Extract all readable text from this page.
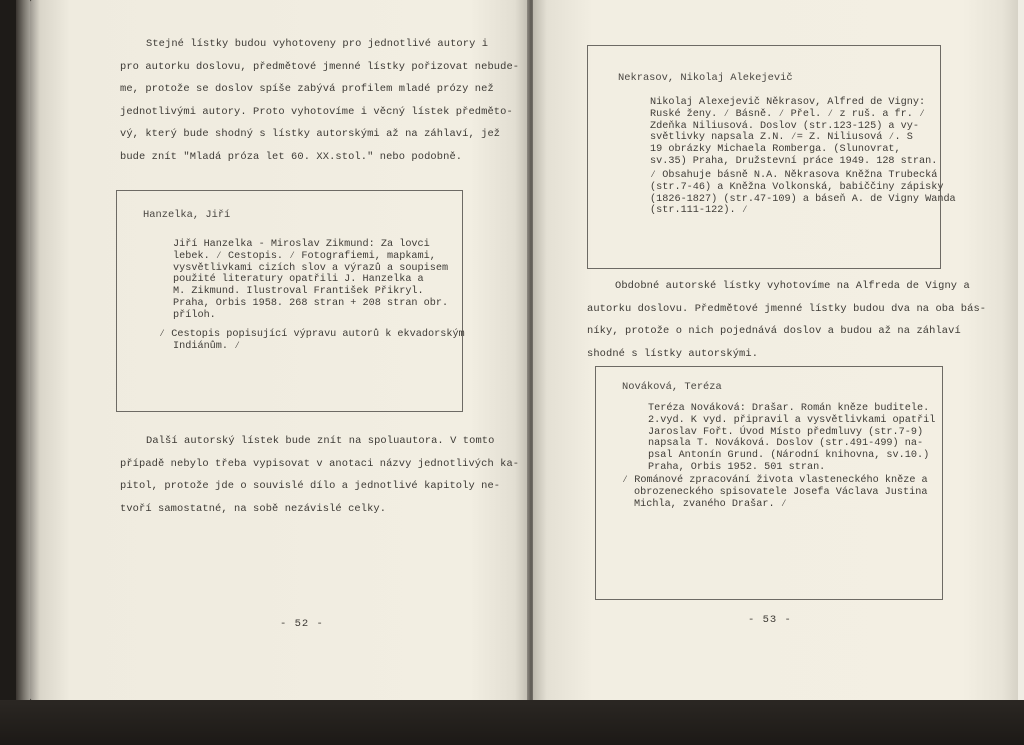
Stejné lístky budou vyhotoveny pro jednotlivé autory i

pro autorku doslovu, předmětové jmenné lístky pořizovat nebude-

me, protože se doslov spíše zabývá profilem mladé prózy než

jednotlivými autory. Proto vyhotovíme i věcný lístek předměto-

vý, který bude shodný s lístky autorskými až na záhlaví, jež

bude znít "Mladá próza let 60. XX.stol." nebo podobně.

Hanzelka, Jiří

Jiří Hanzelka - Miroslav Zikmund: Za lovci

lebek. ⁄ Cestopis. ⁄ Fotografiemi, mapkami,

vysvětlivkami cizích slov a výrazů a soupisem

použité literatury opatřili J. Hanzelka a

M. Zikmund. Ilustroval František Přikryl.

Praha, Orbis 1958. 268 stran + 208 stran obr.

příloh.

⁄ Cestopis popisující výpravu autorů k ekvadorským

Indiánům. ⁄

Další autorský lístek bude znít na spoluautora. V tomto

případě nebylo třeba vypisovat v anotaci názvy jednotlivých ka-

pitol, protože jde o souvislé dílo a jednotlivé kapitoly ne-

tvoří samostatné, na sobě nezávislé celky.

- 52 -
Nekrasov, Nikolaj Alekejevič

Nikolaj Alexejevič Někrasov, Alfred de Vigny:

Ruské ženy. ⁄ Básně. ⁄ Přel. ⁄ z ruš. a fr. ⁄

Zdeňka Niliusová. Doslov (str.123-125) a vy-

světlivky napsala Z.N. ⁄= Z. Niliusová ⁄. S

19 obrázky Michaela Romberga. (Slunovrat,

sv.35) Praha, Družstevní práce 1949. 128 stran.

⁄ Obsahuje básně N.A. Někrasova Kněžna Trubecká

(str.7-46) a Kněžna Volkonská, babiččiny zápisky

(1826-1827) (str.47-109) a báseň A. de Vigny Wanda

(str.111-122). ⁄

Obdobné autorské lístky vyhotovíme na Alfreda de Vigny a

autorku doslovu. Předmětové jmenné lístky budou dva na oba bás-

níky, protože o nich pojednává doslov a budou až na záhlaví

shodné s lístky autorskými.

Nováková, Teréza

Teréza Nováková: Drašar. Román kněze buditele.

2.vyd. K vyd. připravil a vysvětlivkami opatřil

Jaroslav Fořt. Úvod Místo předmluvy (str.7-9)

napsala T. Nováková. Doslov (str.491-499) na-

psal Antonín Grund. (Národní knihovna, sv.10.)

Praha, Orbis 1952. 501 stran.

⁄ Románové zpracování života vlasteneckého kněze a

obrozeneckého spisovatele Josefa Václava Justina

Michla, zvaného Drašar. ⁄

- 53 -
